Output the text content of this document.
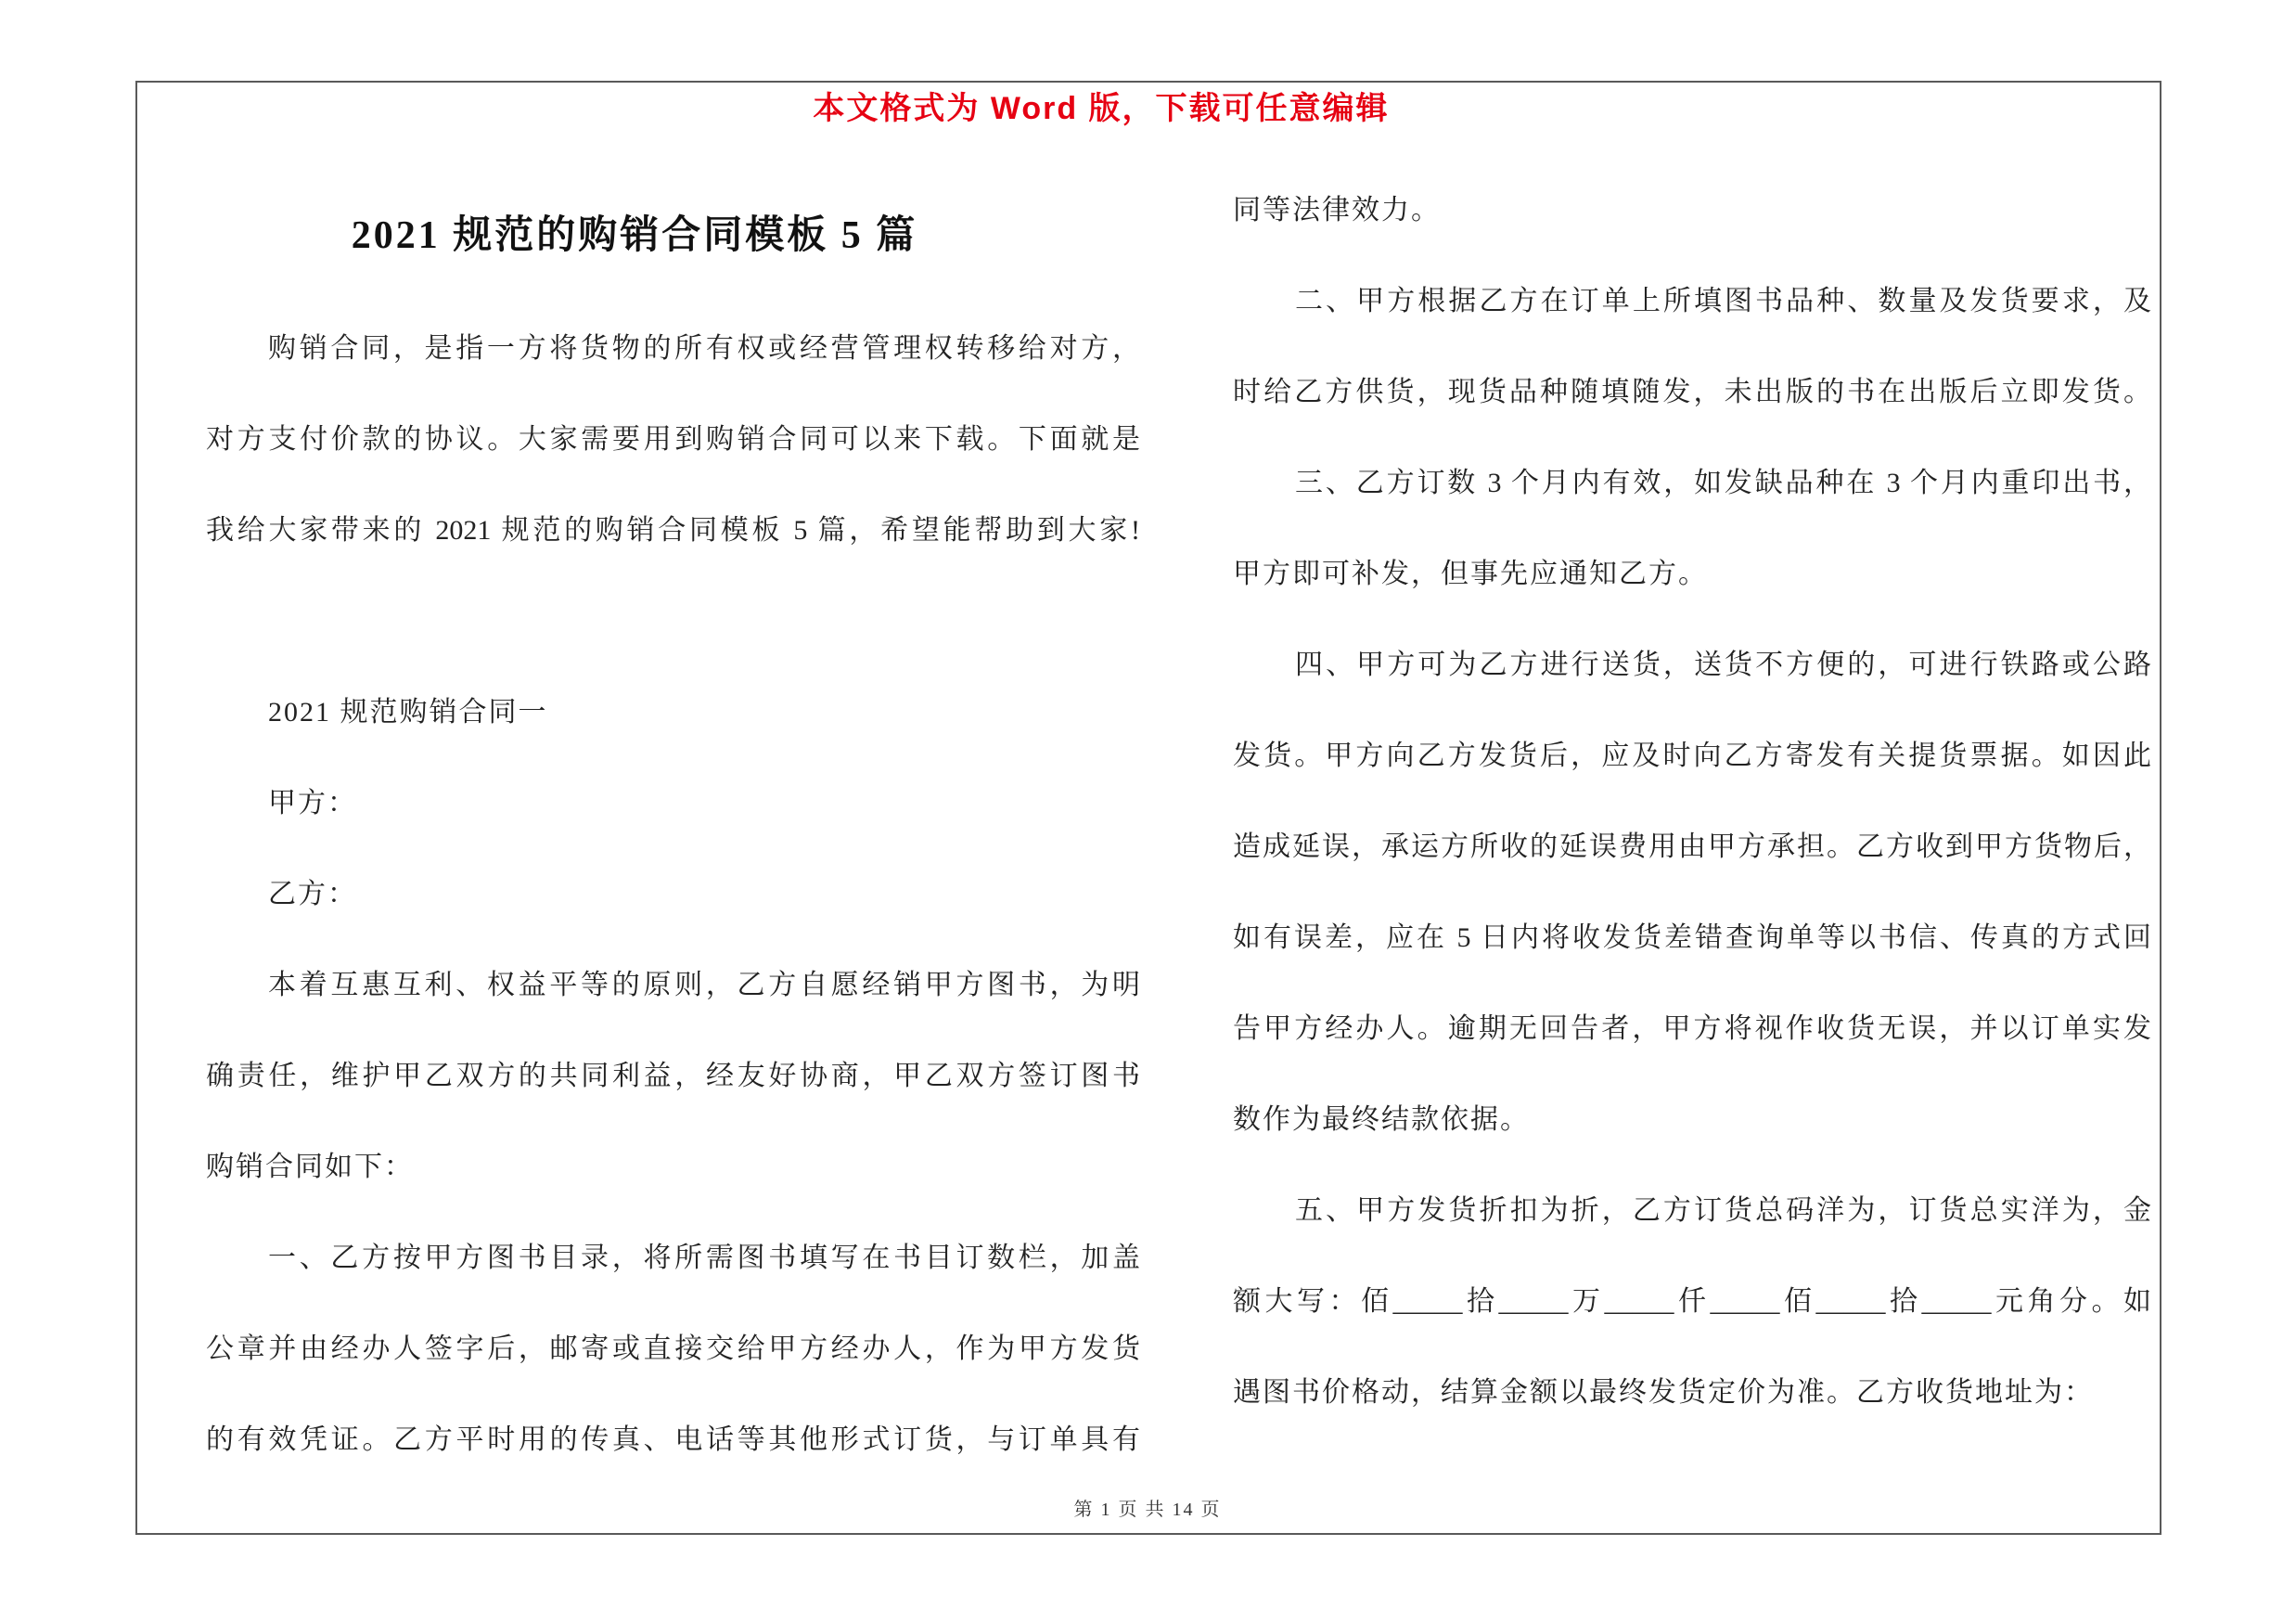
本文格式为 Word 版，下载可任意编辑
2021 规范的购销合同模板 5 篇
购销合同，是指一方将货物的所有权或经营管理权转移给对方，
对方支付价款的协议。大家需要用到购销合同可以来下载。下面就是
我给大家带来的 2021 规范的购销合同模板 5 篇，希望能帮助到大家!
2021 规范购销合同一
甲方：
乙方：
本着互惠互利、权益平等的原则，乙方自愿经销甲方图书，为明
确责任，维护甲乙双方的共同利益，经友好协商，甲乙双方签订图书
购销合同如下：
一、乙方按甲方图书目录，将所需图书填写在书目订数栏，加盖
公章并由经办人签字后，邮寄或直接交给甲方经办人，作为甲方发货
的有效凭证。乙方平时用的传真、电话等其他形式订货，与订单具有
同等法律效力。
二、甲方根据乙方在订单上所填图书品种、数量及发货要求，及
时给乙方供货，现货品种随填随发，未出版的书在出版后立即发货。
三、乙方订数 3 个月内有效，如发缺品种在 3 个月内重印出书，
甲方即可补发，但事先应通知乙方。
四、甲方可为乙方进行送货，送货不方便的，可进行铁路或公路
发货。甲方向乙方发货后，应及时向乙方寄发有关提货票据。如因此
造成延误，承运方所收的延误费用由甲方承担。乙方收到甲方货物后，
如有误差，应在 5 日内将收发货差错查询单等以书信、传真的方式回
告甲方经办人。逾期无回告者，甲方将视作收货无误，并以订单实发
数作为最终结款依据。
五、甲方发货折扣为折，乙方订货总码洋为，订货总实洋为，金
额大写：佰_____拾_____万_____仟_____佰_____拾_____元角分。如
遇图书价格动，结算金额以最终发货定价为准。乙方收货地址为：
第 1 页 共 14 页
